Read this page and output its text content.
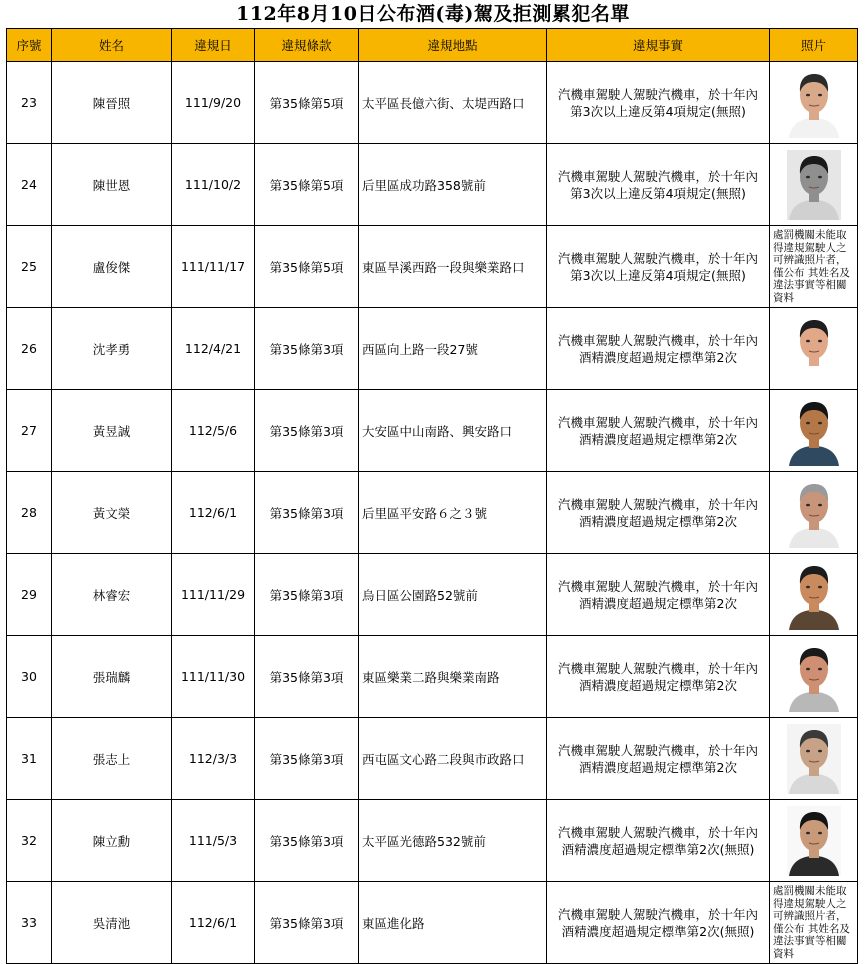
112年8月10日公布酒(毒)駕及拒測累犯名單
序號	姓名	違規日	違規條款	違規地點	違規事實	照片
23	陳晉照	111/9/20	第35條第5項	太平區長億六街、太堤西路口	汽機車駕駛人駕駛汽機車，於十年內
第3次以上違反第4項規定(無照)

24	陳世恩	111/10/2	第35條第5項	后里區成功路358號前	汽機車駕駛人駕駛汽機車，於十年內
第3次以上違反第4項規定(無照)

25	盧俊傑	111/11/17	第35條第5項	東區旱溪西路一段與樂業路口	汽機車駕駛人駕駛汽機車，於十年內
第3次以上違反第4項規定(無照)	處罰機關未能取得違規駕駛人之可辨識照片者，僅公布 其姓名及違法事實等相關資料

26	沈孝勇	112/4/21	第35條第3項	西區向上路一段27號	汽機車駕駛人駕駛汽機車，於十年內
酒精濃度超過規定標準第2次

27	黃昱誠	112/5/6	第35條第3項	大安區中山南路、興安路口	汽機車駕駛人駕駛汽機車，於十年內
酒精濃度超過規定標準第2次

28	黃文榮	112/6/1	第35條第3項	后里區平安路６之３號	汽機車駕駛人駕駛汽機車，於十年內
酒精濃度超過規定標準第2次

29	林睿宏	111/11/29	第35條第3項	烏日區公園路52號前	汽機車駕駛人駕駛汽機車，於十年內
酒精濃度超過規定標準第2次

30	張瑞麟	111/11/30	第35條第3項	東區樂業二路與樂業南路	汽機車駕駛人駕駛汽機車，於十年內
酒精濃度超過規定標準第2次

31	張志上	112/3/3	第35條第3項	西屯區文心路二段與市政路口	汽機車駕駛人駕駛汽機車，於十年內
酒精濃度超過規定標準第2次

32	陳立勳	111/5/3	第35條第3項	太平區光德路532號前	汽機車駕駛人駕駛汽機車，於十年內
酒精濃度超過規定標準第2次(無照)

33	吳清池	112/6/1	第35條第3項	東區進化路	汽機車駕駛人駕駛汽機車，於十年內
酒精濃度超過規定標準第2次(無照)	處罰機關未能取得違規駕駛人之可辨識照片者，僅公布 其姓名及違法事實等相關資料
